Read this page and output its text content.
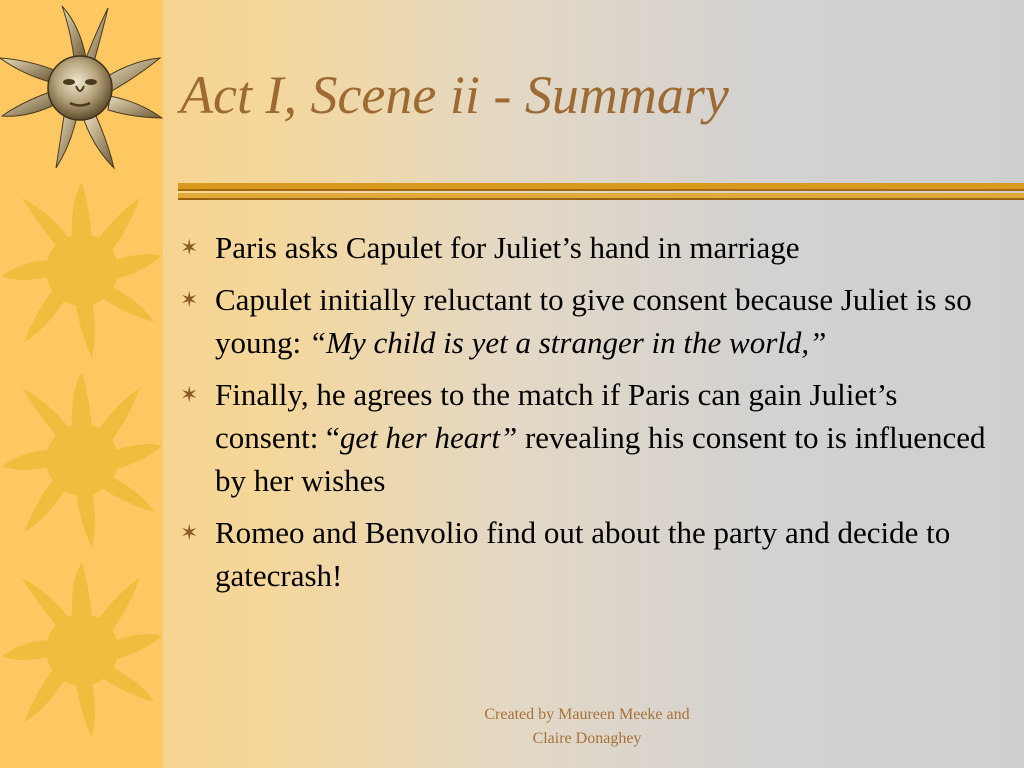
Act I, Scene ii - Summary
✶ Paris asks Capulet for Juliet’s hand in marriage
✶ Capulet initially reluctant to give consent because Juliet is so young: “My child is yet a stranger in the world,”
✶ Finally, he agrees to the match if Paris can gain Juliet’s consent: “get her heart” revealing his consent to is influenced by her wishes
✶ Romeo and Benvolio find out about the party and decide to gatecrash!
Created by Maureen Meeke and
Claire Donaghey
